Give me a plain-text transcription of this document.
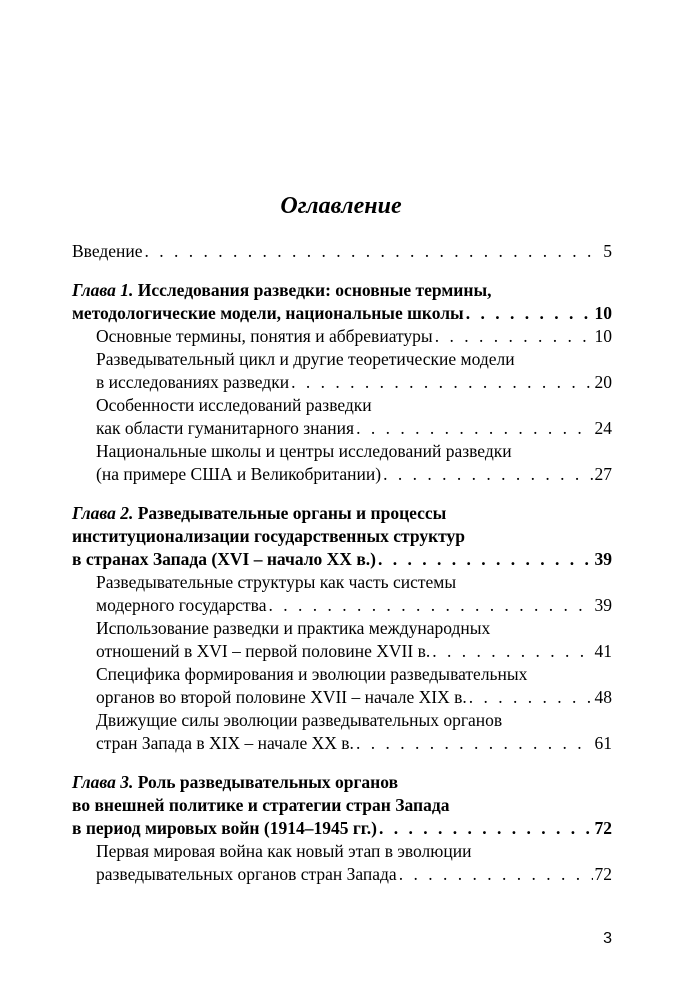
Оглавление
Введение . . .	5
Глава 1. Исследования разведки: основные термины,
методологические модели, национальные школы . . .	10
Основные термины, понятия и аббревиатуры . . .	10
Разведывательный цикл и другие теоретические модели
в исследованиях разведки . . .	20
Особенности исследований разведки
как области гуманитарного знания . . .	24
Национальные школы и центры исследований разведки
(на примере США и Великобритании) . . .	27
Глава 2. Разведывательные органы и процессы
институционализации государственных структур
в странах Запада (XVI – начало XX в.) . . .	39
Разведывательные структуры как часть системы
модерного государства . . .	39
Использование разведки и практика международных
отношений в XVI – первой половине XVII в. . . .	41
Специфика формирования и эволюции разведывательных
органов во второй половине XVII – начале XIX в. . . .	48
Движущие силы эволюции разведывательных органов
стран Запада в XIX – начале XX в. . . .	61
Глава 3. Роль разведывательных органов
во внешней политике и стратегии стран Запада
в период мировых войн (1914–1945 гг.) . . .	72
Первая мировая война как новый этап в эволюции
разведывательных органов стран Запада . . .	72
3
